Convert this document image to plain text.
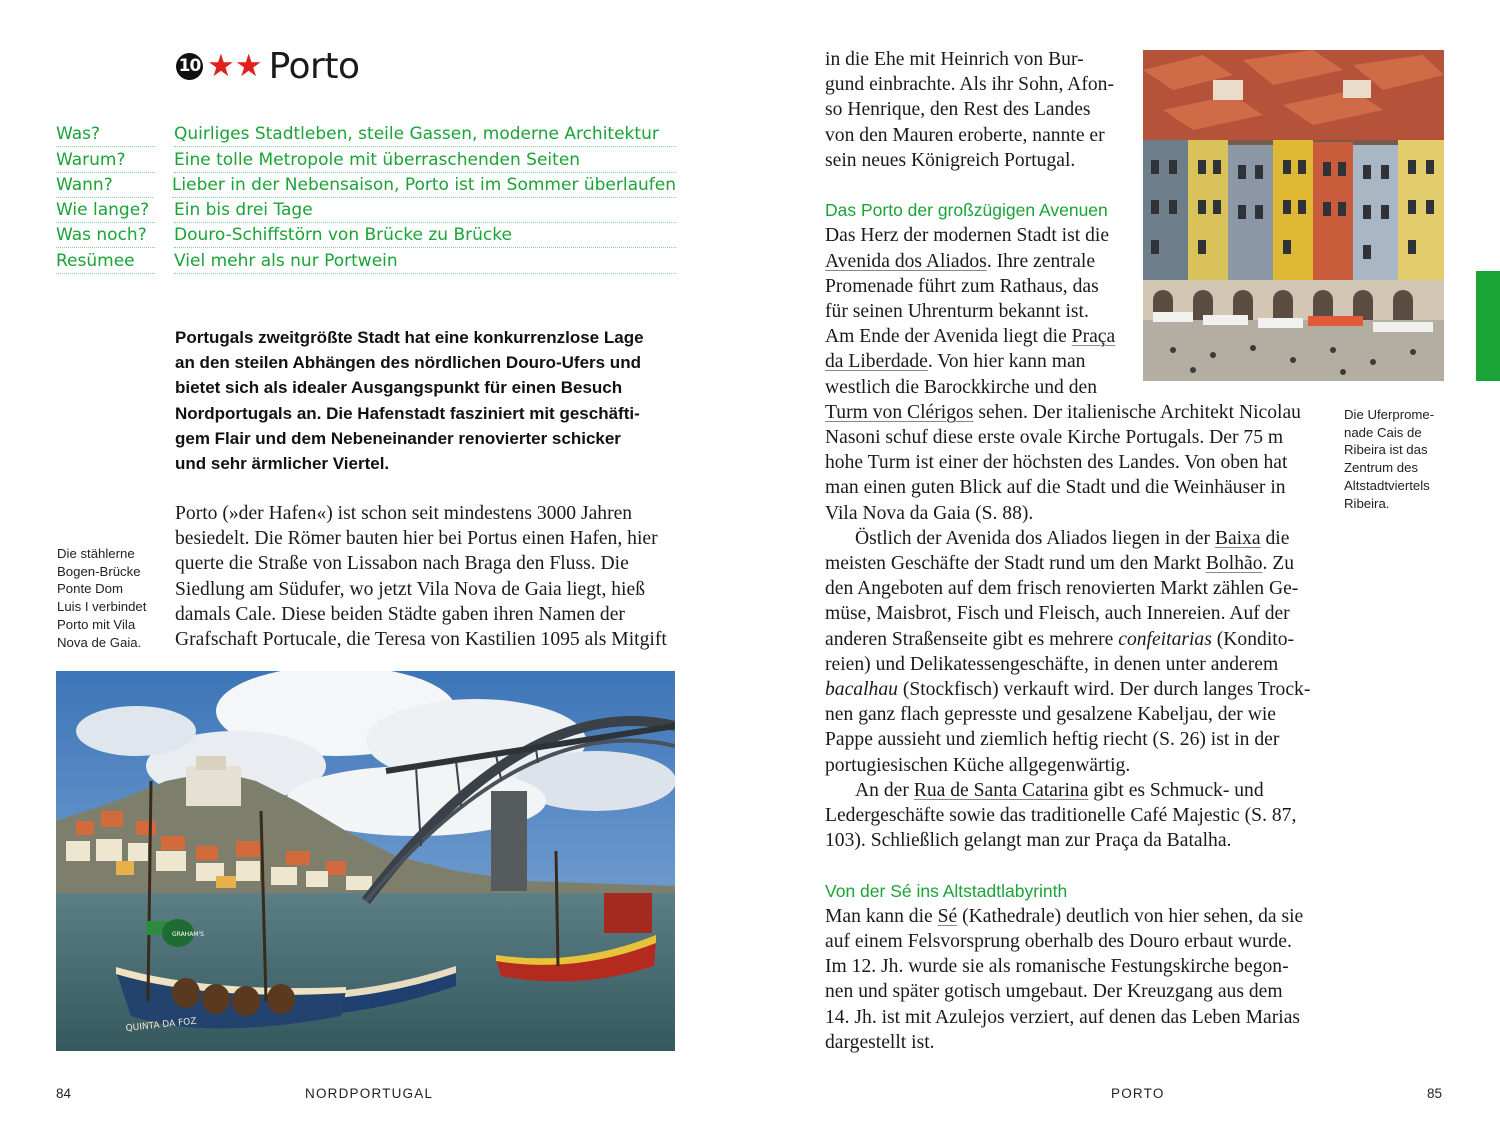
10 ★★ Porto
Was?	Quirliges Stadtleben, steile Gassen, moderne Architektur
Warum?	Eine tolle Metropole mit überraschenden Seiten
Wann?	Lieber in der Nebensaison, Porto ist im Sommer überlaufen
Wie lange?	Ein bis drei Tage
Was noch?	Douro-Schiffstörn von Brücke zu Brücke
Resümee	Viel mehr als nur Portwein
Portugals zweitgrößte Stadt hat eine konkurrenzlose Lage
an den steilen Abhängen des nördlichen Douro-Ufers und
bietet sich als idealer Ausgangspunkt für einen Besuch
Nordportugals an. Die Hafenstadt fasziniert mit geschäfti-
gem Flair und dem Nebeneinander renovierter schicker
und sehr ärmlicher Viertel.
Porto (»der Hafen«) ist schon seit mindestens 3000 Jahren
besiedelt. Die Römer bauten hier bei Portus einen Hafen, hier
querte die Straße von Lissabon nach Braga den Fluss. Die
Siedlung am Südufer, wo jetzt Vila Nova de Gaia liegt, hieß
damals Cale. Diese beiden Städte gaben ihren Namen der
Grafschaft Portucale, die Teresa von Kastilien 1095 als Mitgift
Die stählerne
Bogen-Brücke
Ponte Dom
Luis I verbindet
Porto mit Vila
Nova de Gaia.
GRAHAM'S
QUINTA DA FOZ
Die Uferprome-
nade Cais de
Ribeira ist das
Zentrum des
Altstadtviertels
Ribeira.
in die Ehe mit Heinrich von Bur-
gund einbrachte. Als ihr Sohn, Afon-
so Henrique, den Rest des Landes
von den Mauren eroberte, nannte er
sein neues Königreich Portugal.
Das Porto der großzügigen Avenuen
Das Herz der modernen Stadt ist die
Avenida dos Aliados. Ihre zentrale
Promenade führt zum Rathaus, das
für seinen Uhrenturm bekannt ist.
Am Ende der Avenida liegt die Praça
da Liberdade. Von hier kann man
westlich die Barockkirche und den
Turm von Clérigos sehen. Der italienische Architekt Nicolau
Nasoni schuf diese erste ovale Kirche Portugals. Der 75 m
hohe Turm ist einer der höchsten des Landes. Von oben hat
man einen guten Blick auf die Stadt und die Weinhäuser in
Vila Nova da Gaia (S. 88).
Östlich der Avenida dos Aliados liegen in der Baixa die
meisten Geschäfte der Stadt rund um den Markt Bolhão. Zu
den Angeboten auf dem frisch renovierten Markt zählen Ge-
müse, Maisbrot, Fisch und Fleisch, auch Innereien. Auf der
anderen Straßenseite gibt es mehrere confeitarias (Kondito-
reien) und Delikatessengeschäfte, in denen unter anderem
bacalhau (Stockfisch) verkauft wird. Der durch langes Trock-
nen ganz flach gepresste und gesalzene Kabeljau, der wie
Pappe aussieht und ziemlich heftig riecht (S. 26) ist in der
portugiesischen Küche allgegenwärtig.
An der Rua de Santa Catarina gibt es Schmuck- und
Ledergeschäfte sowie das traditionelle Café Majestic (S. 87,
103). Schließlich gelangt man zur Praça da Batalha.
Von der Sé ins Altstadtlabyrinth
Man kann die Sé (Kathedrale) deutlich von hier sehen, da sie
auf einem Felsvorsprung oberhalb des Douro erbaut wurde.
Im 12. Jh. wurde sie als romanische Festungskirche begon-
nen und später gotisch umgebaut. Der Kreuzgang aus dem
14. Jh. ist mit Azulejos verziert, auf denen das Leben Marias
dargestellt ist.
84	NORDPORTUGAL	PORTO	85
